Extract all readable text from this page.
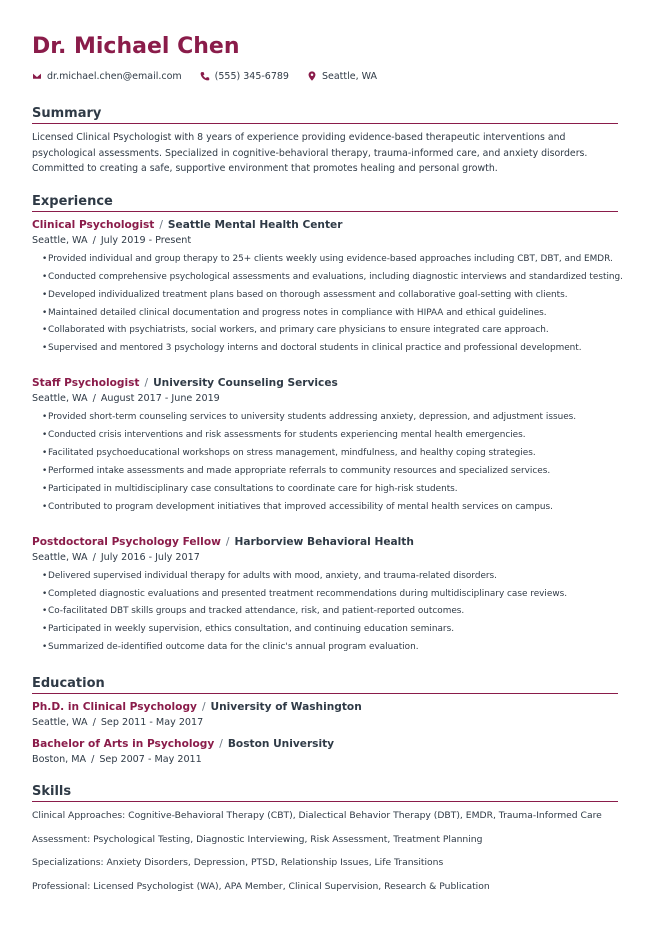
Dr. Michael Chen
dr.michael.chen@email.com	(555) 345-6789	Seattle, WA
Summary

Licensed Clinical Psychologist with 8 years of experience providing evidence-based therapeutic interventions and psychological assessments. Specialized in cognitive-behavioral therapy, trauma-informed care, and anxiety disorders. Committed to creating a safe, supportive environment that promotes healing and personal growth.

Experience
Clinical Psychologist / Seattle Mental Health Center
Seattle, WA / July 2019 - Present
• Provided individual and group therapy to 25+ clients weekly using evidence-based approaches including CBT, DBT, and EMDR.
• Conducted comprehensive psychological assessments and evaluations, including diagnostic interviews and standardized testing.
• Developed individualized treatment plans based on thorough assessment and collaborative goal-setting with clients.
• Maintained detailed clinical documentation and progress notes in compliance with HIPAA and ethical guidelines.
• Collaborated with psychiatrists, social workers, and primary care physicians to ensure integrated care approach.
• Supervised and mentored 3 psychology interns and doctoral students in clinical practice and professional development.
Staff Psychologist / University Counseling Services
Seattle, WA / August 2017 - June 2019
• Provided short-term counseling services to university students addressing anxiety, depression, and adjustment issues.
• Conducted crisis interventions and risk assessments for students experiencing mental health emergencies.
• Facilitated psychoeducational workshops on stress management, mindfulness, and healthy coping strategies.
• Performed intake assessments and made appropriate referrals to community resources and specialized services.
• Participated in multidisciplinary case consultations to coordinate care for high-risk students.
• Contributed to program development initiatives that improved accessibility of mental health services on campus.
Postdoctoral Psychology Fellow / Harborview Behavioral Health
Seattle, WA / July 2016 - July 2017
• Delivered supervised individual therapy for adults with mood, anxiety, and trauma-related disorders.
• Completed diagnostic evaluations and presented treatment recommendations during multidisciplinary case reviews.
• Co-facilitated DBT skills groups and tracked attendance, risk, and patient-reported outcomes.
• Participated in weekly supervision, ethics consultation, and continuing education seminars.
• Summarized de-identified outcome data for the clinic's annual program evaluation.
Education
Ph.D. in Clinical Psychology / University of Washington
Seattle, WA / Sep 2011 - May 2017
Bachelor of Arts in Psychology / Boston University
Boston, MA / Sep 2007 - May 2011
Skills

Clinical Approaches: Cognitive-Behavioral Therapy (CBT), Dialectical Behavior Therapy (DBT), EMDR, Trauma-Informed Care

Assessment: Psychological Testing, Diagnostic Interviewing, Risk Assessment, Treatment Planning

Specializations: Anxiety Disorders, Depression, PTSD, Relationship Issues, Life Transitions

Professional: Licensed Psychologist (WA), APA Member, Clinical Supervision, Research & Publication
